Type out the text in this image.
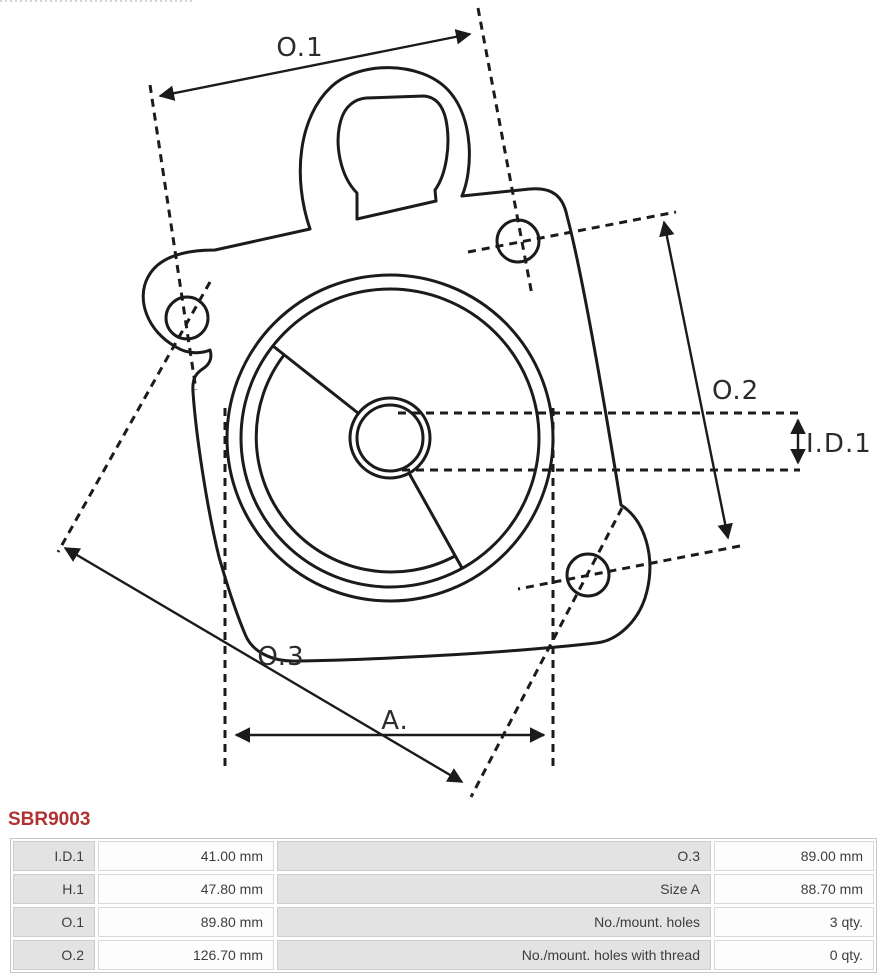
O.1
O.2
I.D.1
O.3
A.
SBR9003
I.D.1	41.00 mm	O.3	89.00 mm
H.1	47.80 mm	Size A	88.70 mm
O.1	89.80 mm	No./mount. holes	3 qty.
O.2	126.70 mm	No./mount. holes with thread	0 qty.
